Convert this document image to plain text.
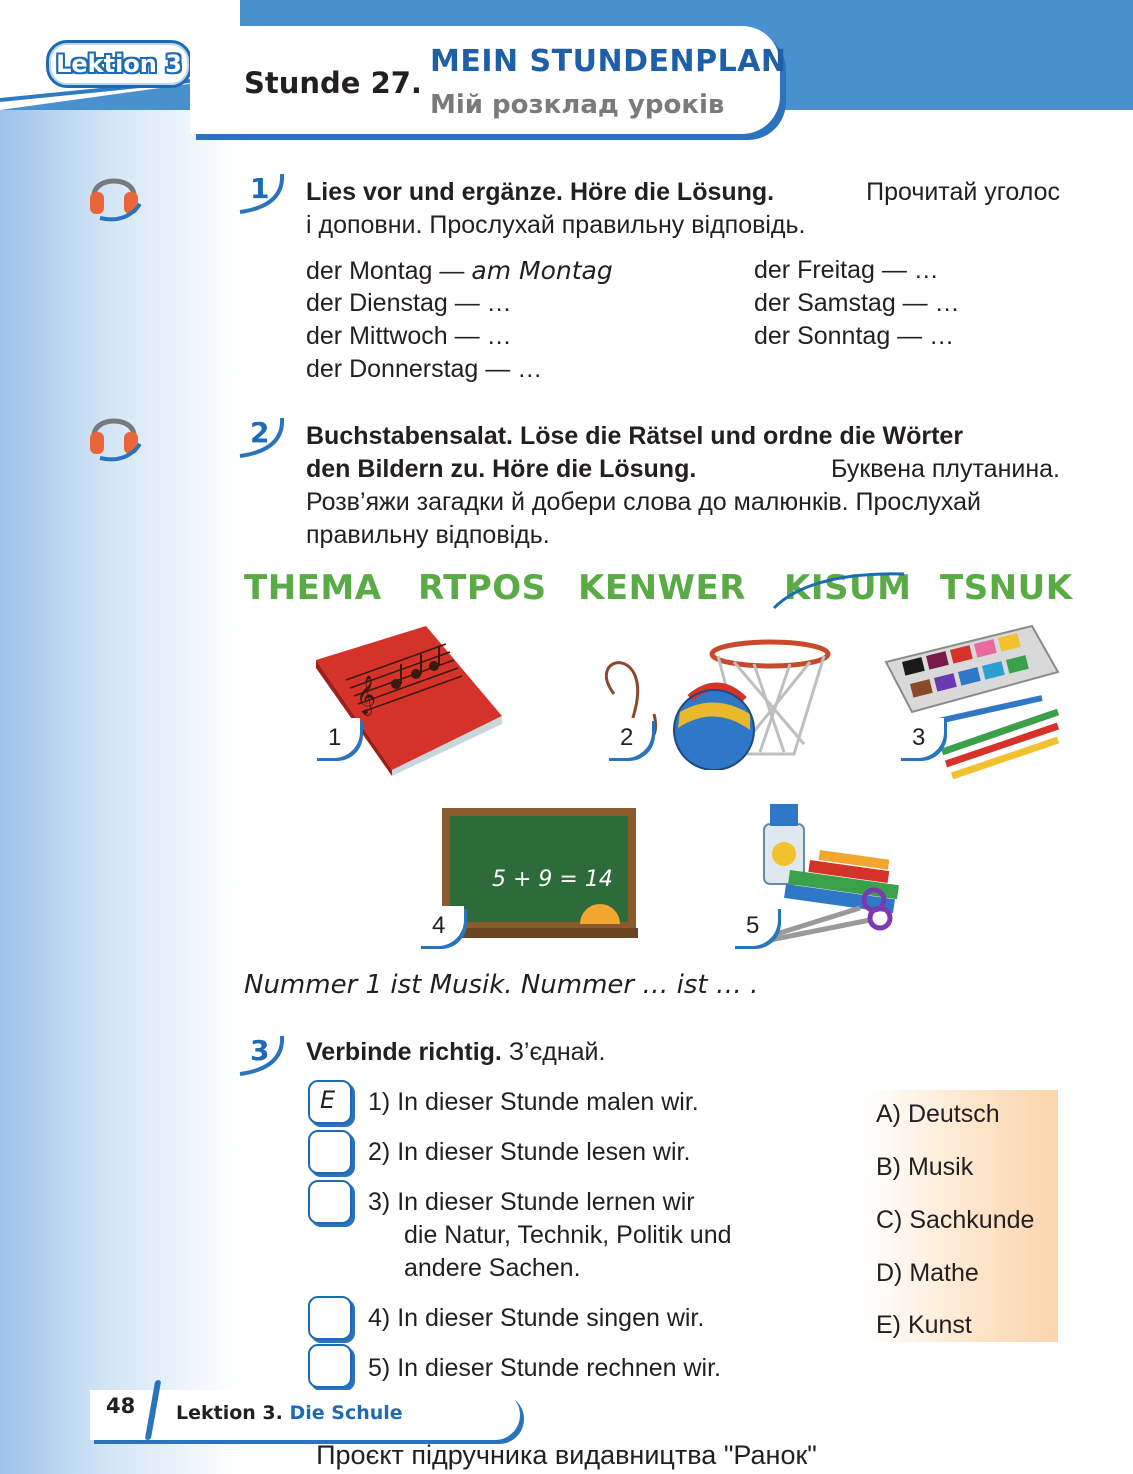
Lektion 3
Stunde 27.
MEIN STUNDENPLAN
Мій розклад уроків
1 Lies vor und ergänze. Höre die Lösung.	Прочитай уголос
і доповни. Прослухай правильну відповідь.
der Montag — am Montag
der Dienstag — …
der Mittwoch — …
der Donnerstag — …
der Freitag — …
der Samstag — …
der Sonntag — …
2 Buchstabensalat. Löse die Rätsel und ordne die Wörter
den Bildern zu. Höre die Lösung.	Буквена плутанина.
Розв’яжи загадки й добери слова до малюнків. Прослухай
правильну відповідь.
THEMA RTPOS KENWER KISUM TSNUK
𝄞
1	2	3
5 + 9 = 14
4	5
Nummer 1 ist Musik. Nummer … ist … .
3 Verbinde richtig. З’єднай.
E 1) In dieser Stunde malen wir.
2) In dieser Stunde lesen wir.
3) In dieser Stunde lernen wir
die Natur, Technik, Politik und
andere Sachen.
4) In dieser Stunde singen wir.
5) In dieser Stunde rechnen wir.
A) Deutsch
B) Musik
C) Sachkunde
D) Mathe
E) Kunst
48 Lektion 3. Die Schule
Проєкт підручника видавництва "Ранок"
